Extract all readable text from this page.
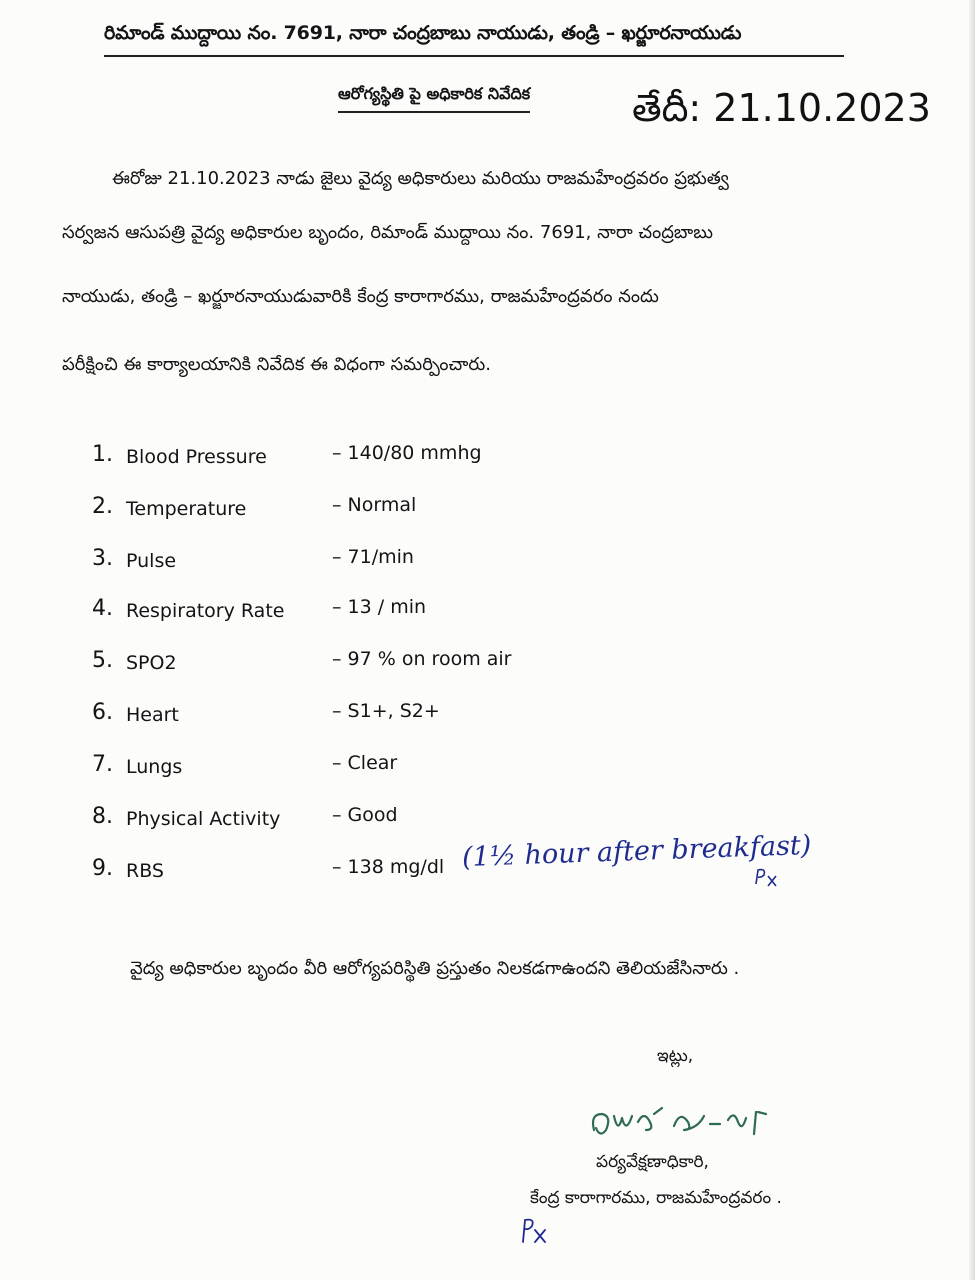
రిమాండ్ ముద్దాయి నం. 7691, నారా చంద్రబాబు నాయుడు, తండ్రి – ఖర్జూరనాయుడు
ఆరోగ్యస్థితి పై అధికారిక నివేదిక	తేదీ: 21.10.2023
ఈరోజు 21.10.2023 నాడు జైలు వైద్య అధికారులు మరియు రాజమహేంద్రవరం ప్రభుత్వ
సర్వజన ఆసుపత్రి వైద్య అధికారుల బృందం, రిమాండ్ ముద్దాయి నం. 7691, నారా చంద్రబాబు
నాయుడు, తండ్రి – ఖర్జూరనాయుడువారికి కేంద్ర కారాగారము, రాజమహేంద్రవరం నందు
పరీక్షించి ఈ కార్యాలయానికి నివేదిక ఈ విధంగా సమర్పించారు.
1. Blood Pressure	– 140/80 mmhg
2. Temperature	– Normal
3. Pulse	– 71/min
4. Respiratory Rate	– 13 / min
5. SPO2	– 97 % on room air
6. Heart	– S1+, S2+
7. Lungs	– Clear
8. Physical Activity	– Good
9. RBS	– 138 mg/dl (1½ hour after breakfast)
వైద్య అధికారుల బృందం వీరి ఆరోగ్యపరిస్థితి ప్రస్తుతం నిలకడగాఉందని తెలియజేసినారు .
ఇట్లు,
పర్యవేక్షణాధికారి,
కేంద్ర కారాగారము, రాజమహేంద్రవరం .
